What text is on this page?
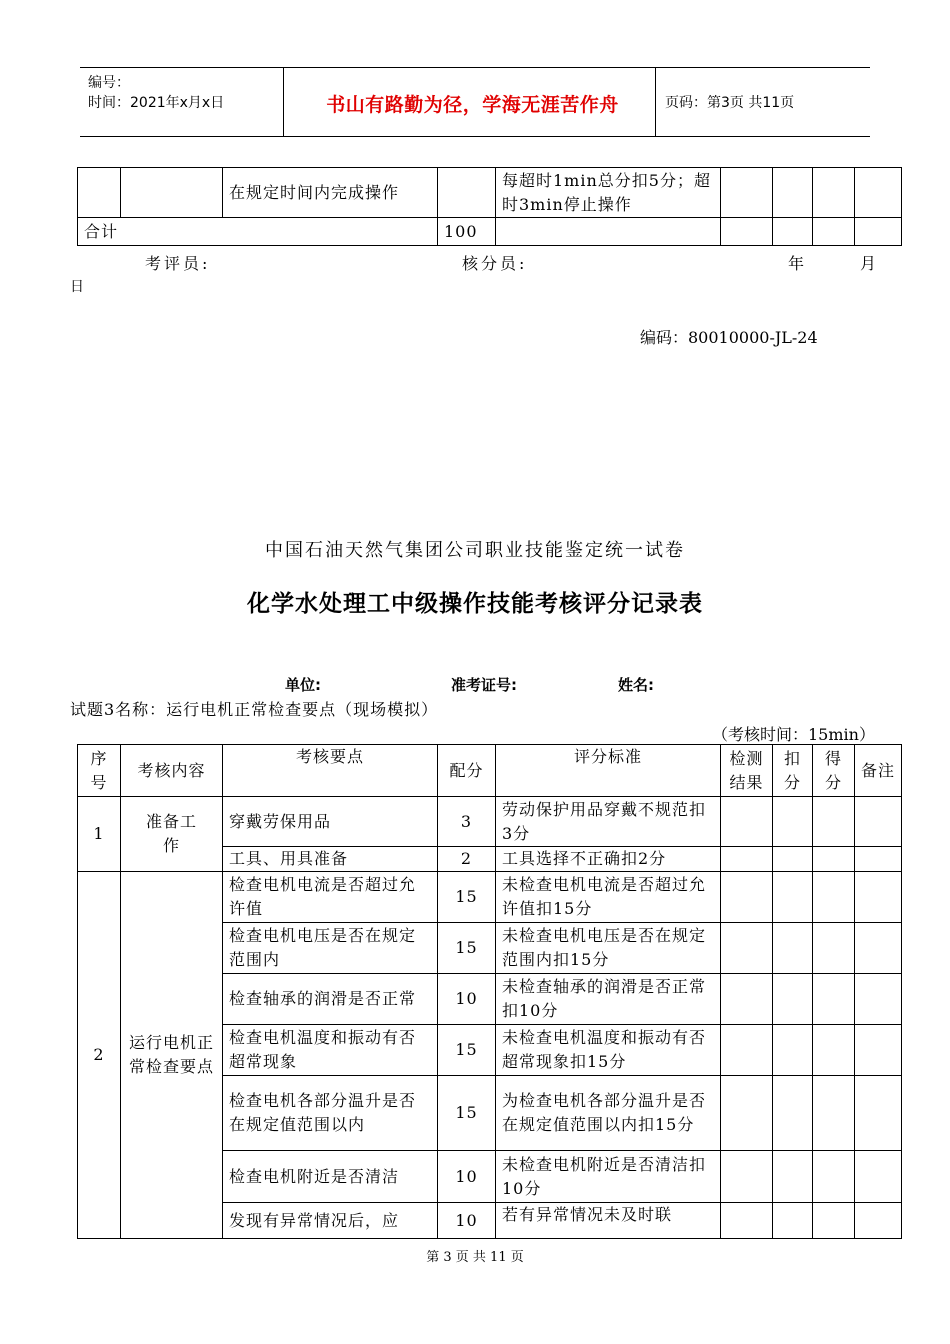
编号：
时间：2021年x月x日	书山有路勤为径，学海无涯苦作舟	页码：第3页 共11页
		在规定时间内完成操作		每超时1min总分扣5分；超时3min停止操作				
合计			100					
考评员:	核分员:	年	月
日
编码：80010000-JL-24
中国石油天然气集团公司职业技能鉴定统一试卷
化学水处理工中级操作技能考核评分记录表
单位:	准考证号:	姓名:
试题3名称：运行电机正常检查要点（现场模拟）
（考核时间：15min）
序号	考核内容	考核要点	配分	评分标准	检测结果	扣分	得分	备注
1	准备工作	穿戴劳保用品	3	劳动保护用品穿戴不规范扣3分				
		工具、用具准备	2	工具选择不正确扣2分				
2	运行电机正常检查要点	检查电机电流是否超过允许值	15	未检查电机电流是否超过允许值扣15分				
		检查电机电压是否在规定范围内	15	未检查电机电压是否在规定范围内扣15分				
		检查轴承的润滑是否正常	10	未检查轴承的润滑是否正常扣10分				
		检查电机温度和振动有否超常现象	15	未检查电机温度和振动有否超常现象扣15分				
		检查电机各部分温升是否在规定值范围以内	15	为检查电机各部分温升是否在规定值范围以内扣15分				
		检查电机附近是否清洁	10	未检查电机附近是否清洁扣10分				
		发现有异常情况后，应	10	若有异常情况未及时联				
第 3 页 共 11 页
